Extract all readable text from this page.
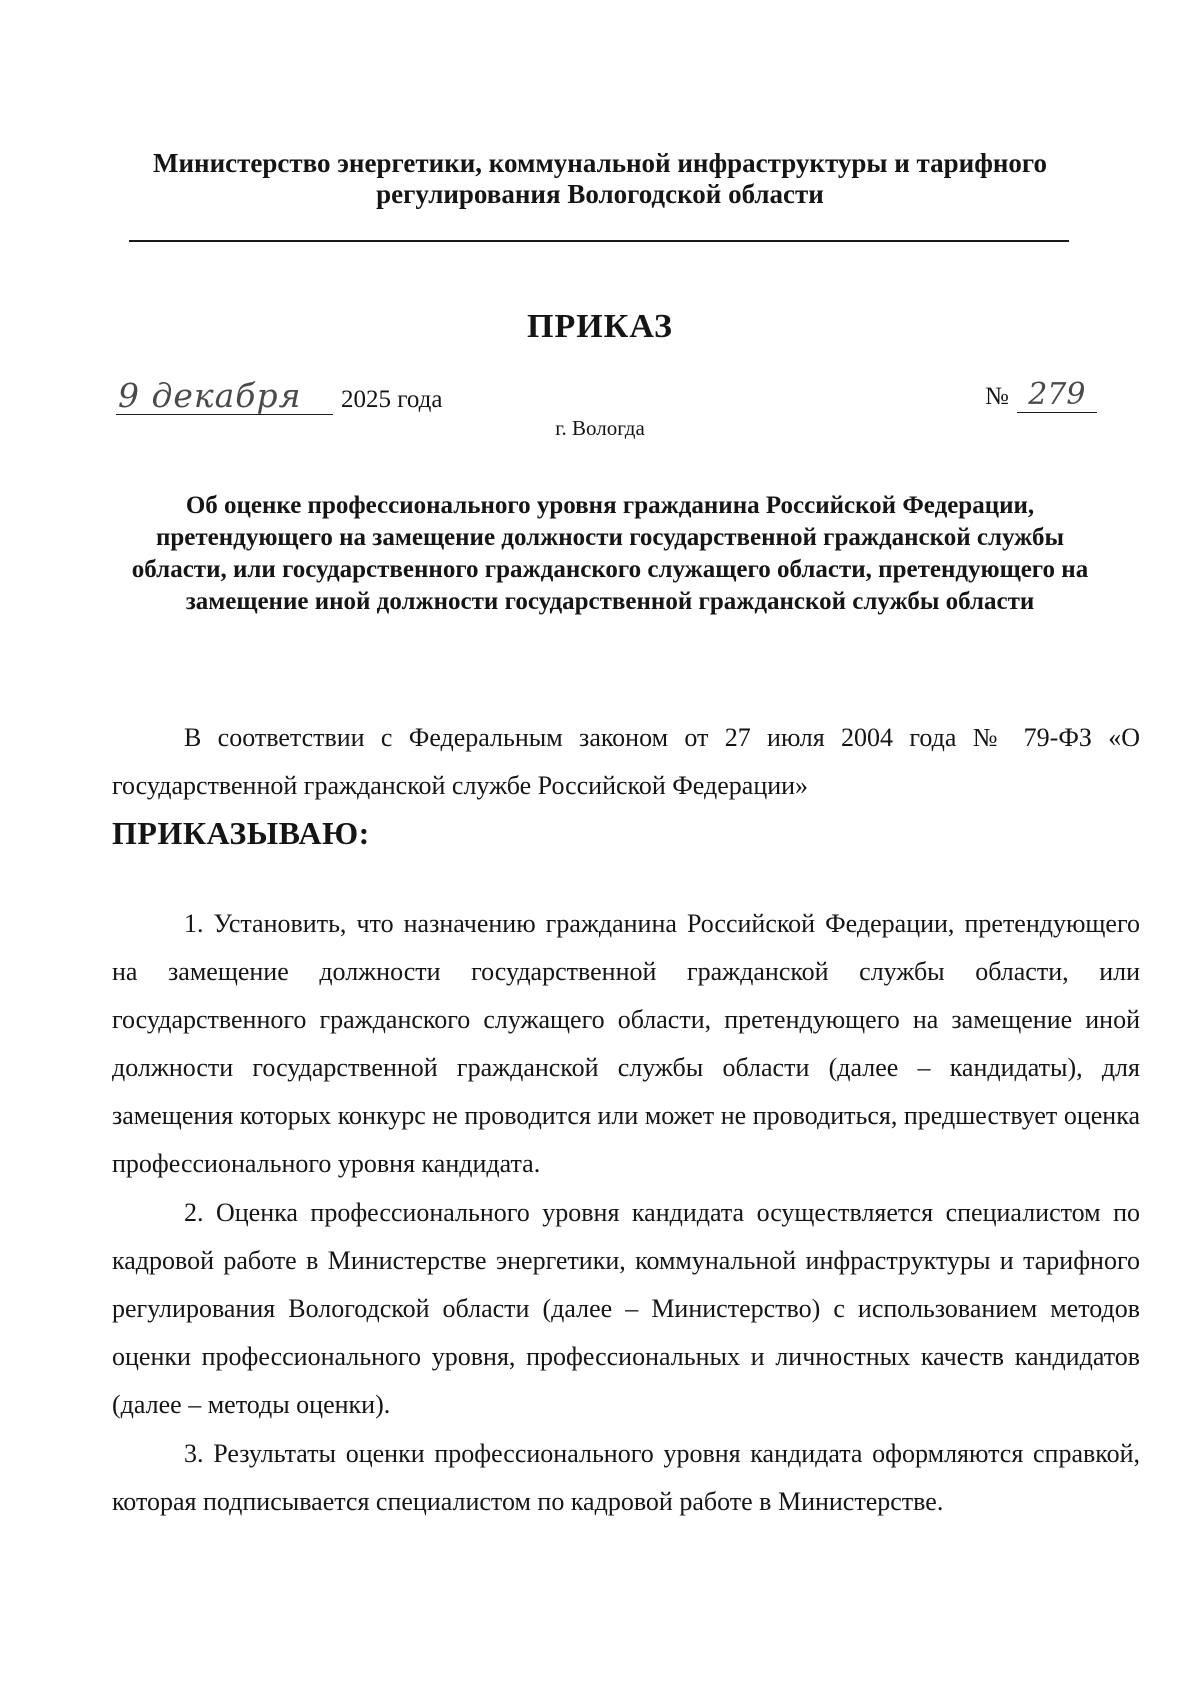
Министерство энергетики, коммунальной инфраструктуры и тарифного регулирования Вологодской области
ПРИКАЗ
9 декабря 2025 года	№ 279
г. Вологда
Об оценке профессионального уровня гражданина Российской Федерации, претендующего на замещение должности государственной гражданской службы области, или государственного гражданского служащего области, претендующего на замещение иной должности государственной гражданской службы области
В соответствии с Федеральным законом от 27 июля 2004 года № 79-ФЗ «О государственной гражданской службе Российской Федерации»
ПРИКАЗЫВАЮ:

1. Установить, что назначению гражданина Российской Федерации, претендующего на замещение должности государственной гражданской службы области, или государственного гражданского служащего области, претендующего на замещение иной должности государственной гражданской службы области (далее – кандидаты), для замещения которых конкурс не проводится или может не проводиться, предшествует оценка профессионального уровня кандидата.

2. Оценка профессионального уровня кандидата осуществляется специалистом по кадровой работе в Министерстве энергетики, коммунальной инфраструктуры и тарифного регулирования Вологодской области (далее – Министерство) с использованием методов оценки профессионального уровня, профессиональных и личностных качеств кандидатов (далее – методы оценки).

3. Результаты оценки профессионального уровня кандидата оформляются справкой, которая подписывается специалистом по кадровой работе в Министерстве.
